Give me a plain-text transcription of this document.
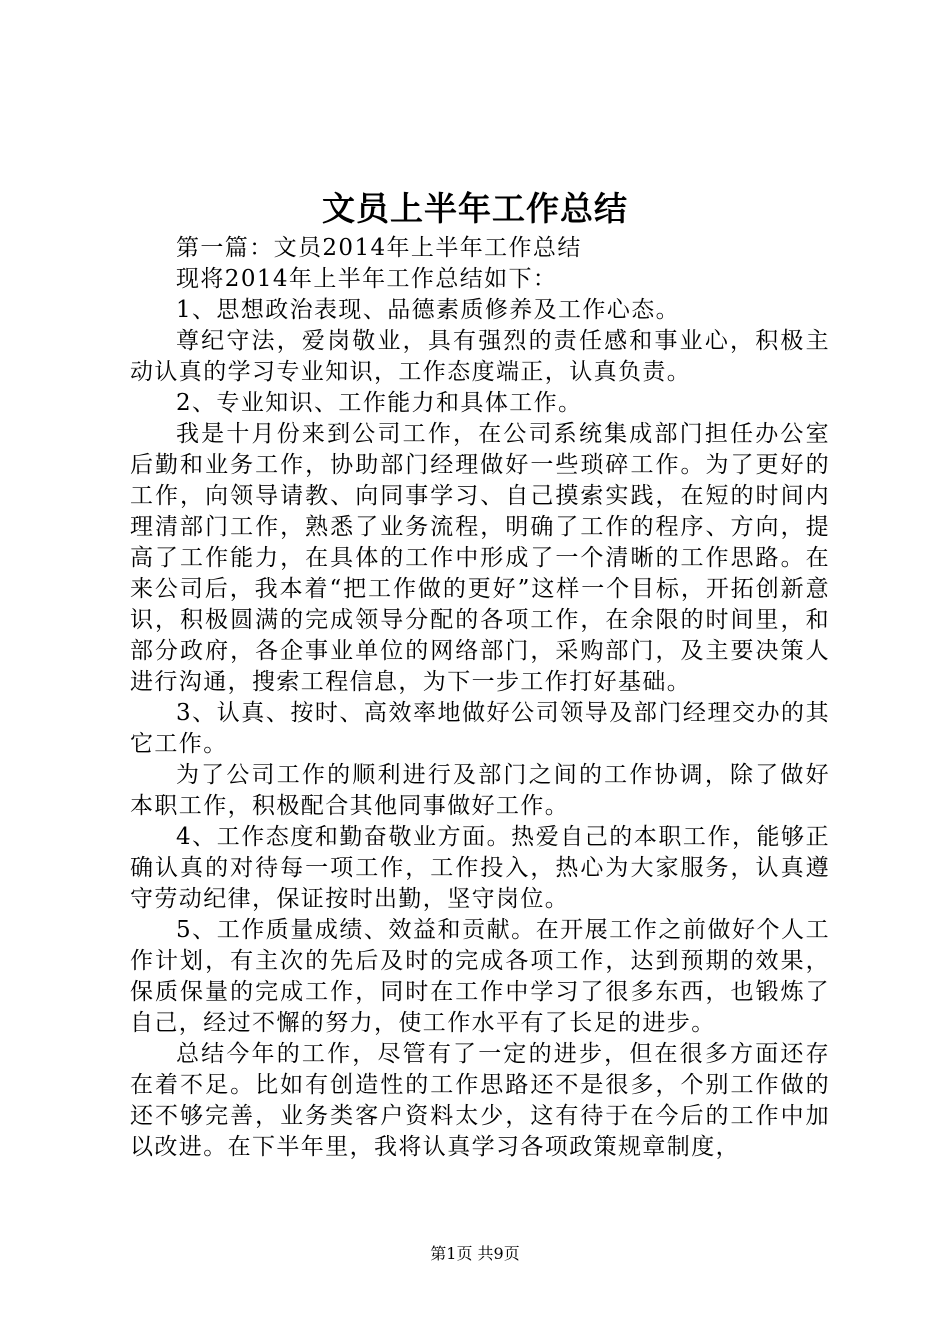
文员上半年工作总结

第一篇：文员2014年上半年工作总结

现将2014年上半年工作总结如下：

1、思想政治表现、品德素质修养及工作心态。

尊纪守法，爱岗敬业，具有强烈的责任感和事业心，积极主动认真的学习专业知识，工作态度端正，认真负责。

2、专业知识、工作能力和具体工作。

我是十月份来到公司工作，在公司系统集成部门担任办公室后勤和业务工作，协助部门经理做好一些琐碎工作。为了更好的工作，向领导请教、向同事学习、自己摸索实践，在短的时间内理清部门工作，熟悉了业务流程，明确了工作的程序、方向，提高了工作能力，在具体的工作中形成了一个清晰的工作思路。在来公司后，我本着“把工作做的更好”这样一个目标，开拓创新意识，积极圆满的完成领导分配的各项工作，在余限的时间里，和部分政府，各企事业单位的网络部门，采购部门，及主要决策人进行沟通，搜索工程信息，为下一步工作打好基础。

3、认真、按时、高效率地做好公司领导及部门经理交办的其它工作。

为了公司工作的顺利进行及部门之间的工作协调，除了做好本职工作，积极配合其他同事做好工作。

4、工作态度和勤奋敬业方面。热爱自己的本职工作，能够正确认真的对待每一项工作，工作投入，热心为大家服务，认真遵守劳动纪律，保证按时出勤，坚守岗位。

5、工作质量成绩、效益和贡献。在开展工作之前做好个人工作计划，有主次的先后及时的完成各项工作，达到预期的效果，保质保量的完成工作，同时在工作中学习了很多东西，也锻炼了自己，经过不懈的努力，使工作水平有了长足的进步。

总结今年的工作，尽管有了一定的进步，但在很多方面还存在着不足。比如有创造性的工作思路还不是很多，个别工作做的还不够完善，业务类客户资料太少，这有待于在今后的工作中加以改进。在下半年里，我将认真学习各项政策规章制度，

第1页 共9页
